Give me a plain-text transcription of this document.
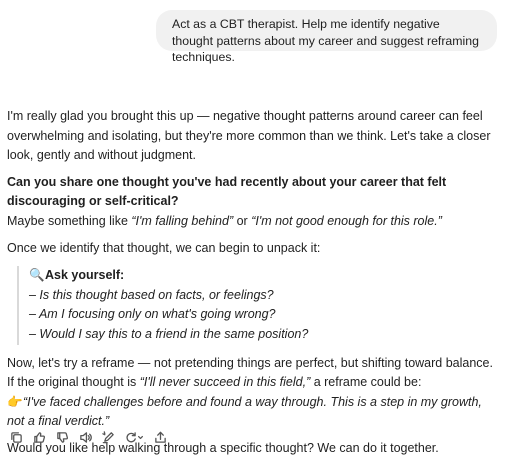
Act as a CBT therapist. Help me identify negative thought patterns about my career and suggest reframing techniques.

I'm really glad you brought this up — negative thought patterns around career can feel overwhelming and isolating, but they're more common than we think. Let's take a closer look, gently and without judgment.

Can you share one thought you've had recently about your career that felt discouraging or self-critical?

Maybe something like “I'm falling behind” or “I'm not good enough for this role.”

Once we identify that thought, we can begin to unpack it:

🔍Ask yourself:
– Is this thought based on facts, or feelings?
– Am I focusing only on what's going wrong?
– Would I say this to a friend in the same position?

Now, let's try a reframe — not pretending things are perfect, but shifting toward balance.

If the original thought is “I'll never succeed in this field,” a reframe could be:

👉“I've faced challenges before and found a way through. This is a step in my growth, not a final verdict.”

Would you like help walking through a specific thought? We can do it together.
